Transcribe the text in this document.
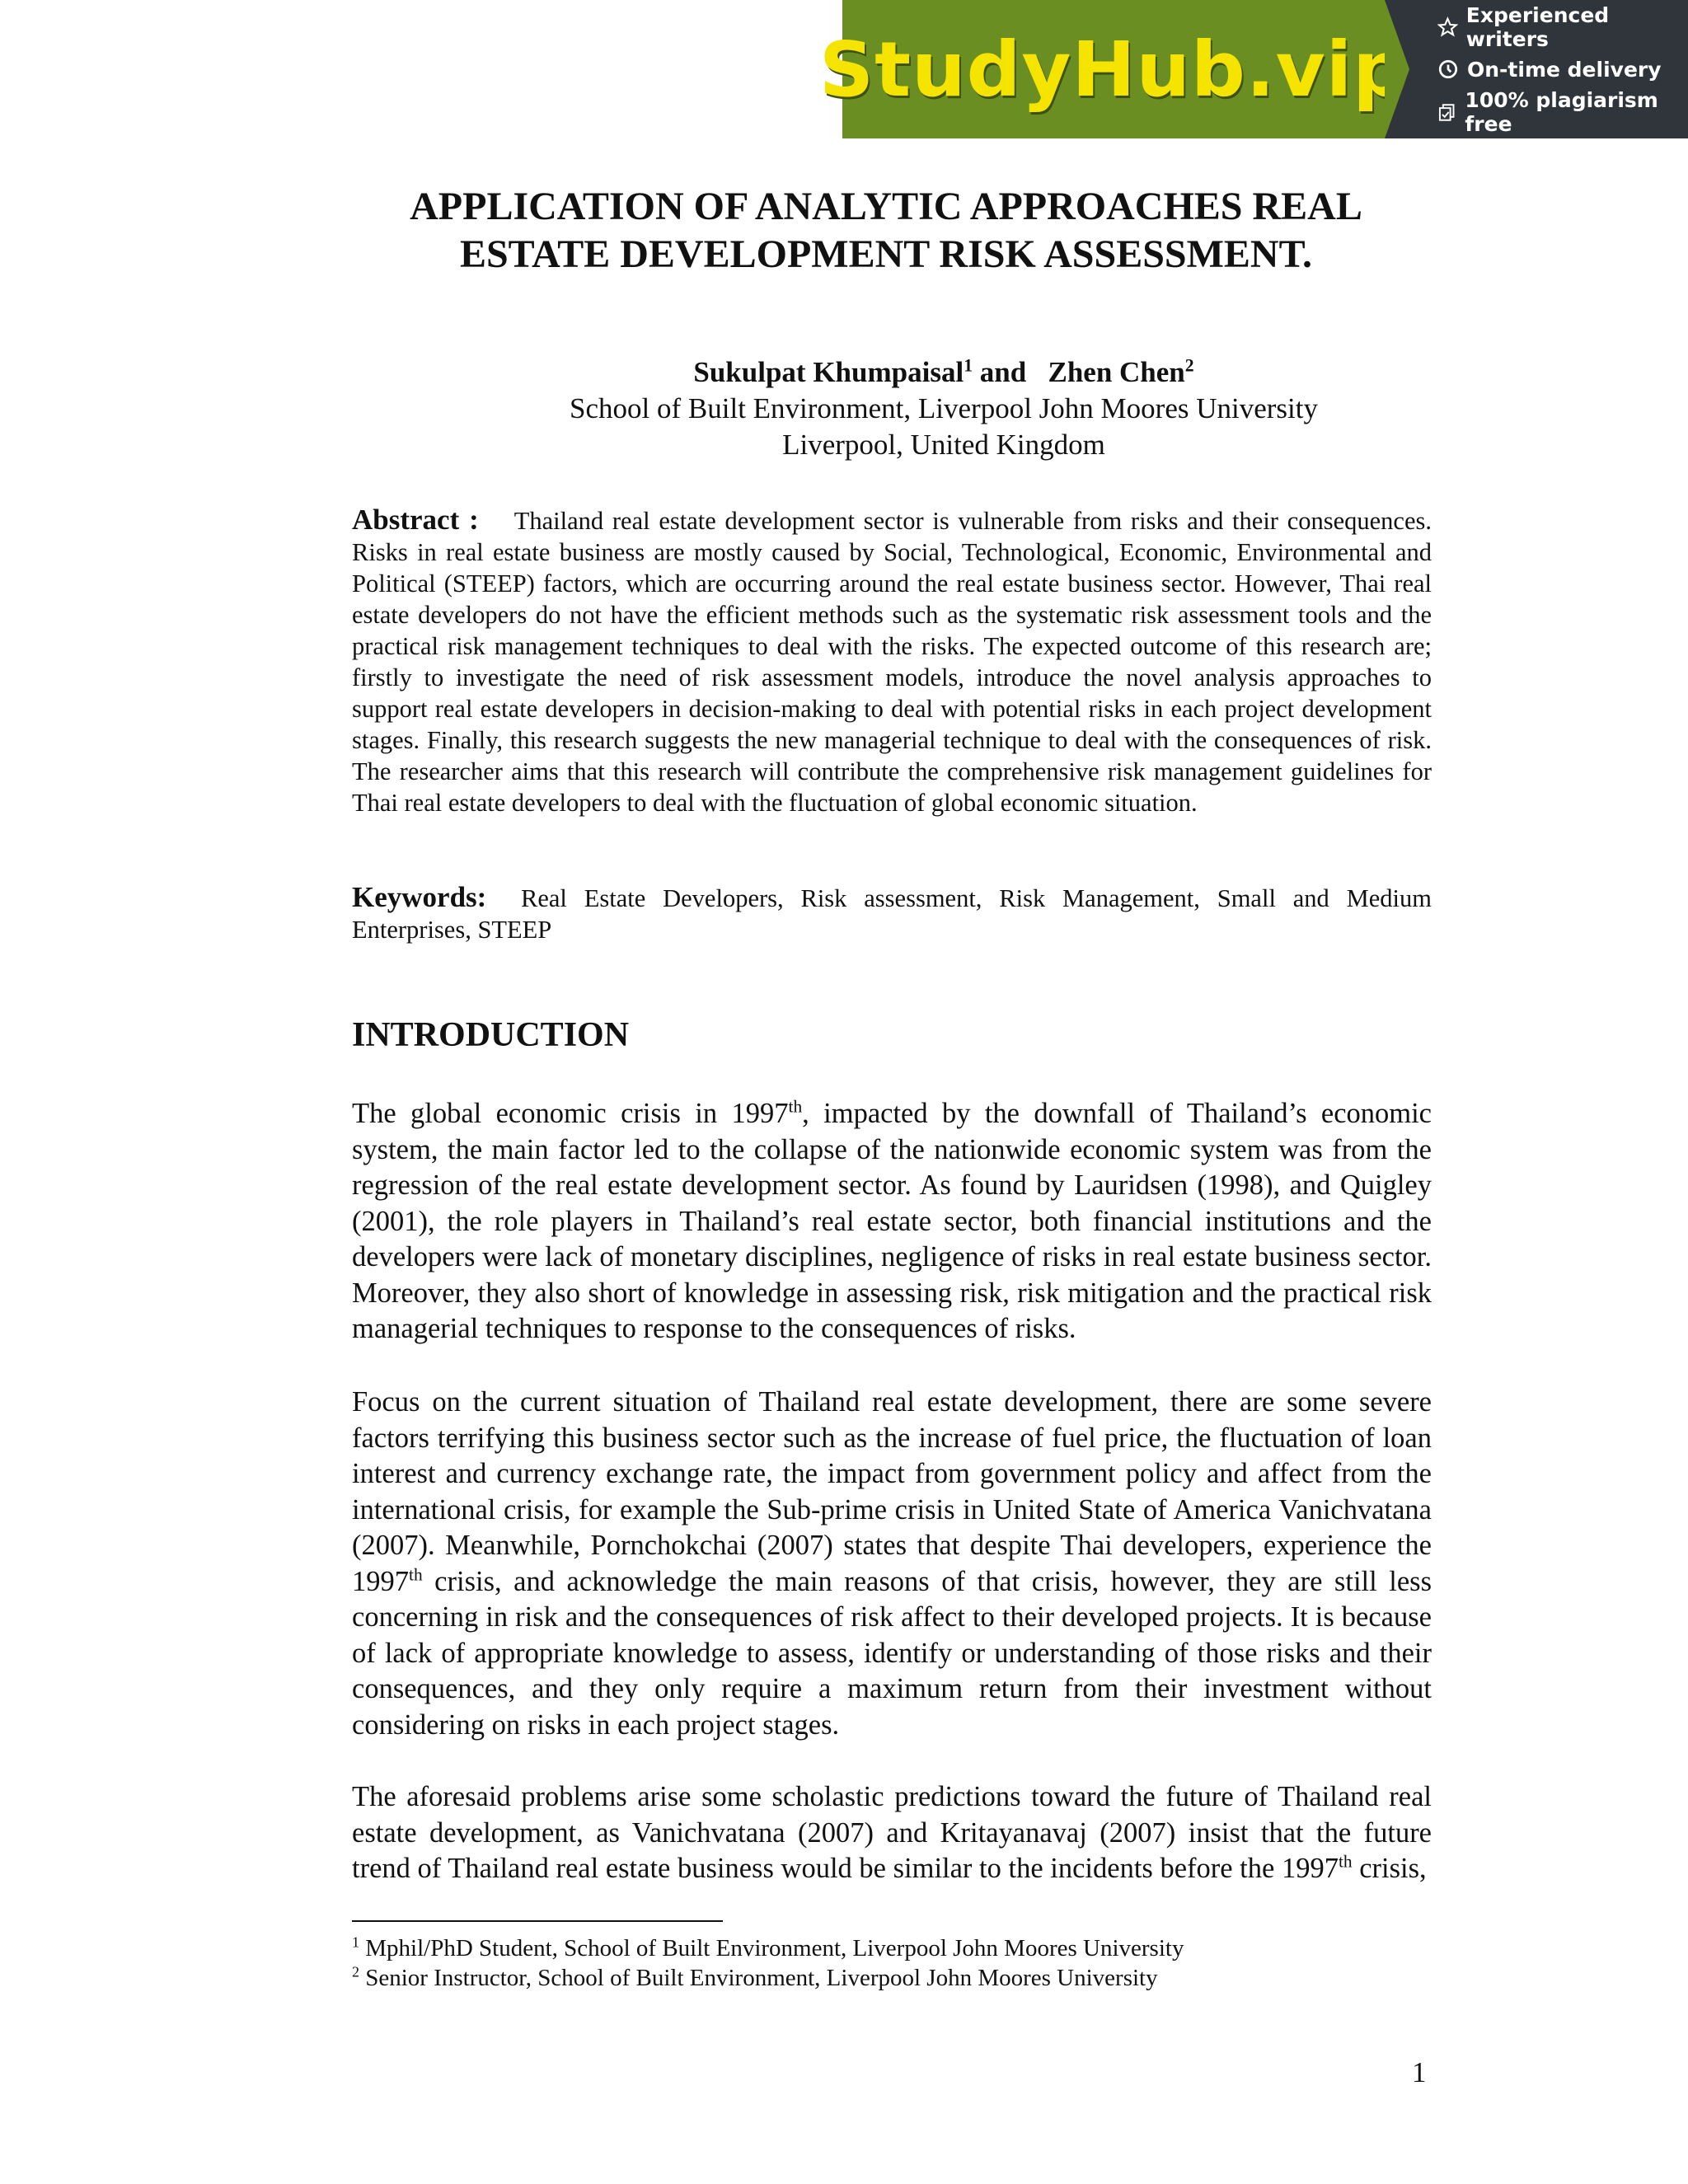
StudyHub.vip
Experienced writers
On-time delivery
100% plagiarism free
APPLICATION OF ANALYTIC APPROACHES REAL
ESTATE DEVELOPMENT RISK ASSESSMENT.
Sukulpat Khumpaisal$^1$ and   Zhen Chen$^2$
School of Built Environment, Liverpool John Moores University
Liverpool, United Kingdom
Abstract : Thailand real estate development sector is vulnerable from risks and their consequences. Risks in real estate business are mostly caused by Social, Technological, Economic, Environmental and Political (STEEP) factors, which are occurring around the real estate business sector. However, Thai real estate developers do not have the efficient methods such as the systematic risk assessment tools and the practical risk management techniques to deal with the risks. The expected outcome of this research are; firstly to investigate the need of risk assessment models, introduce the novel analysis approaches to support real estate developers in decision-making to deal with potential risks in each project development stages. Finally, this research suggests the new managerial technique to deal with the consequences of risk. The researcher aims that this research will contribute the comprehensive risk management guidelines for Thai real estate developers to deal with the fluctuation of global economic situation.
Keywords: Real Estate Developers, Risk assessment, Risk Management, Small and Medium Enterprises, STEEP
INTRODUCTION

The global economic crisis in 1997th, impacted by the downfall of Thailand’s economic system, the main factor led to the collapse of the nationwide economic system was from the regression of the real estate development sector. As found by Lauridsen (1998), and Quigley (2001), the role players in Thailand’s real estate sector, both financial institutions and the developers were lack of monetary disciplines, negligence of risks in real estate business sector. Moreover, they also short of knowledge in assessing risk, risk mitigation and the practical risk managerial techniques to response to the consequences of risks.

Focus on the current situation of Thailand real estate development, there are some severe factors terrifying this business sector such as the increase of fuel price, the fluctuation of loan interest and currency exchange rate, the impact from government policy and affect from the international crisis, for example the Sub-prime crisis in United State of America Vanichvatana (2007). Meanwhile, Pornchokchai (2007) states that despite Thai developers, experience the 1997th crisis, and acknowledge the main reasons of that crisis, however, they are still less concerning in risk and the consequences of risk affect to their developed projects. It is because of lack of appropriate knowledge to assess, identify or understanding of those risks and their consequences, and they only require a maximum return from their investment without considering on risks in each project stages.

The aforesaid problems arise some scholastic predictions toward the future of Thailand real estate development, as Vanichvatana (2007) and Kritayanavaj (2007) insist that the future trend of Thailand real estate business would be similar to the incidents before the 1997th crisis,

$^1$ Mphil/PhD Student, School of Built Environment, Liverpool John Moores University
$^2$ Senior Instructor, School of Built Environment, Liverpool John Moores University
1
